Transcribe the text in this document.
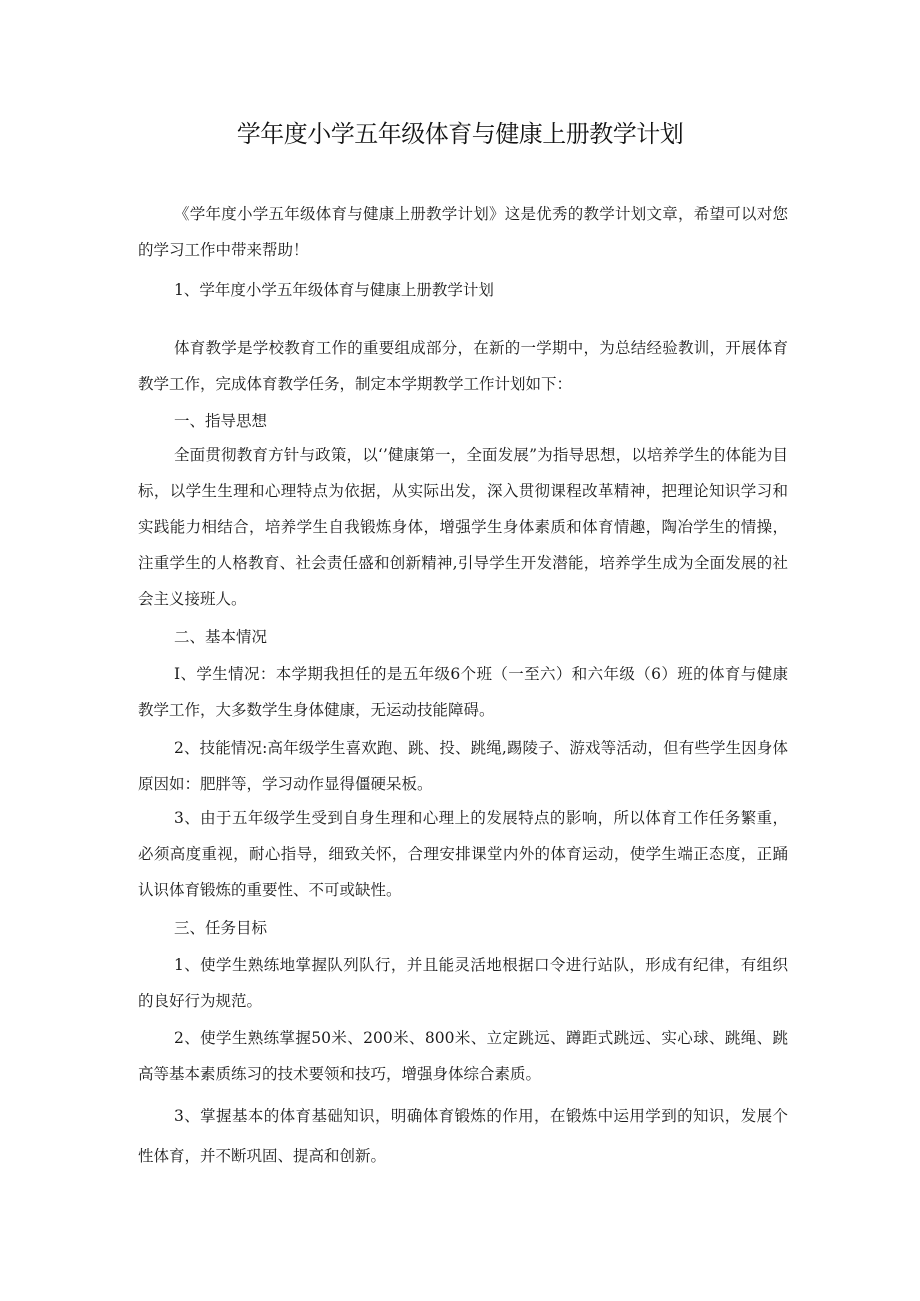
学年度小学五年级体育与健康上册教学计划

《学年度小学五年级体育与健康上册教学计划》这是优秀的教学计划文章，希望可以对您的学习工作中带来帮助！

1、学年度小学五年级体育与健康上册教学计划

体育教学是学校教育工作的重要组成部分，在新的一学期中，为总结经验教训，开展体育教学工作，完成体育教学任务，制定本学期教学工作计划如下：

一、指导思想

全面贯彻教育方针与政策，以‘’健康第一，全面发展”为指导思想，以培养学生的体能为目标，以学生生理和心理特点为依据，从实际出发，深入贯彻课程改革精神，把理论知识学习和实践能力相结合，培养学生自我锻炼身体，增强学生身体素质和体育情趣，陶冶学生的情操，注重学生的人格教育、社会责任盛和创新精神,引导学生开发潜能，培养学生成为全面发展的社会主义接班人。

二、基本情况

I、学生情况：本学期我担任的是五年级6个班（一至六）和六年级（6）班的体育与健康教学工作，大多数学生身体健康，无运动技能障碍。

2、技能情况:高年级学生喜欢跑、跳、投、跳绳,踢陵子、游戏等活动，但有些学生因身体原因如：肥胖等，学习动作显得僵硬呆板。

3、由于五年级学生受到自身生理和心理上的发展特点的影响，所以体育工作任务繁重，必须高度重视，耐心指导，细致关怀，合理安排课堂内外的体育运动，使学生端正态度，正踊认识体育锻炼的重要性、不可或缺性。

三、任务目标

1、使学生熟练地掌握队列队行，并且能灵活地根据口令进行站队，形成有纪律，有组织的良好行为规范。

2、使学生熟练掌握50米、200米、800米、立定跳远、蹲距式跳远、实心球、跳绳、跳高等基本素质练习的技术要领和技巧，增强身体综合素质。

3、掌握基本的体育基础知识，明确体育锻炼的作用，在锻炼中运用学到的知识，发展个性体育，并不断巩固、提高和创新。
